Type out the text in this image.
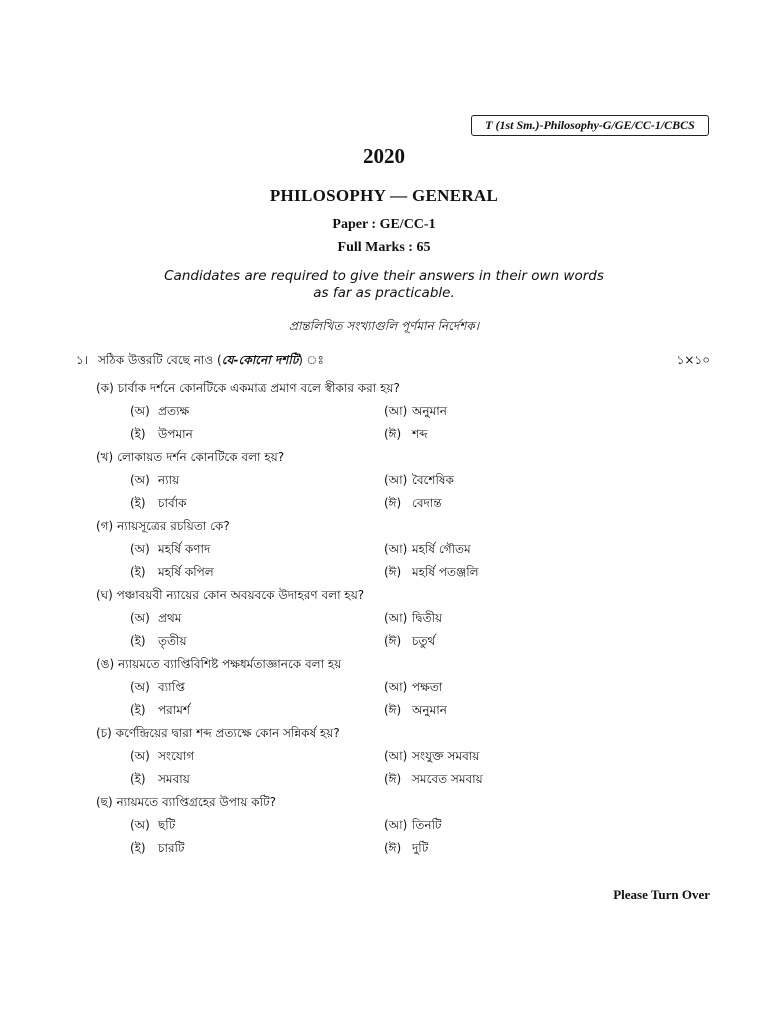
T (1st Sm.)-Philosophy-G/GE/CC-1/CBCS
2020
PHILOSOPHY — GENERAL
Paper : GE/CC-1
Full Marks : 65
Candidates are required to give their answers in their own words
as far as practicable.
প্রান্তলিখিত সংখ্যাগুলি পূর্ণমান নির্দেশক।
১। সঠিক উত্তরটি বেছে নাও (যে-কোনো দশটি) ঃ	১×১০
(ক) চার্বাক দর্শনে কোনটিকে একমাত্র প্রমাণ বলে স্বীকার করা হয়?
(অ) প্রত্যক্ষ	(আ) অনুমান
(ই) উপমান	(ঈ) শব্দ
(খ) লোকায়ত দর্শন কোনটিকে বলা হয়?
(অ) ন্যায়	(আ) বৈশেষিক
(ই) চার্বাক	(ঈ) বেদান্ত
(গ) ন্যায়সূত্রের রচয়িতা কে?
(অ) মহর্ষি কণাদ	(আ) মহর্ষি গৌতম
(ই) মহর্ষি কপিল	(ঈ) মহর্ষি পতঞ্জলি
(ঘ) পঞ্চাবয়বী ন্যায়ের কোন অবয়বকে উদাহরণ বলা হয়?
(অ) প্রথম	(আ) দ্বিতীয়
(ই) তৃতীয়	(ঈ) চতুর্থ
(ঙ) ন্যায়মতে ব্যাপ্তিবিশিষ্ট পক্ষধর্মতাজ্ঞানকে বলা হয়
(অ) ব্যাপ্তি	(আ) পক্ষতা
(ই) পরামর্শ	(ঈ) অনুমান
(চ) কর্ণেন্দ্রিয়ের দ্বারা শব্দ প্রত্যক্ষে কোন সন্নিকর্ষ হয়?
(অ) সংযোগ	(আ) সংযুক্ত সমবায়
(ই) সমবায়	(ঈ) সমবেত সমবায়
(ছ) ন্যায়মতে ব্যাপ্তিগ্রহের উপায় কটি?
(অ) ছটি	(আ) তিনটি
(ই) চারটি	(ঈ) দুটি
Please Turn Over
